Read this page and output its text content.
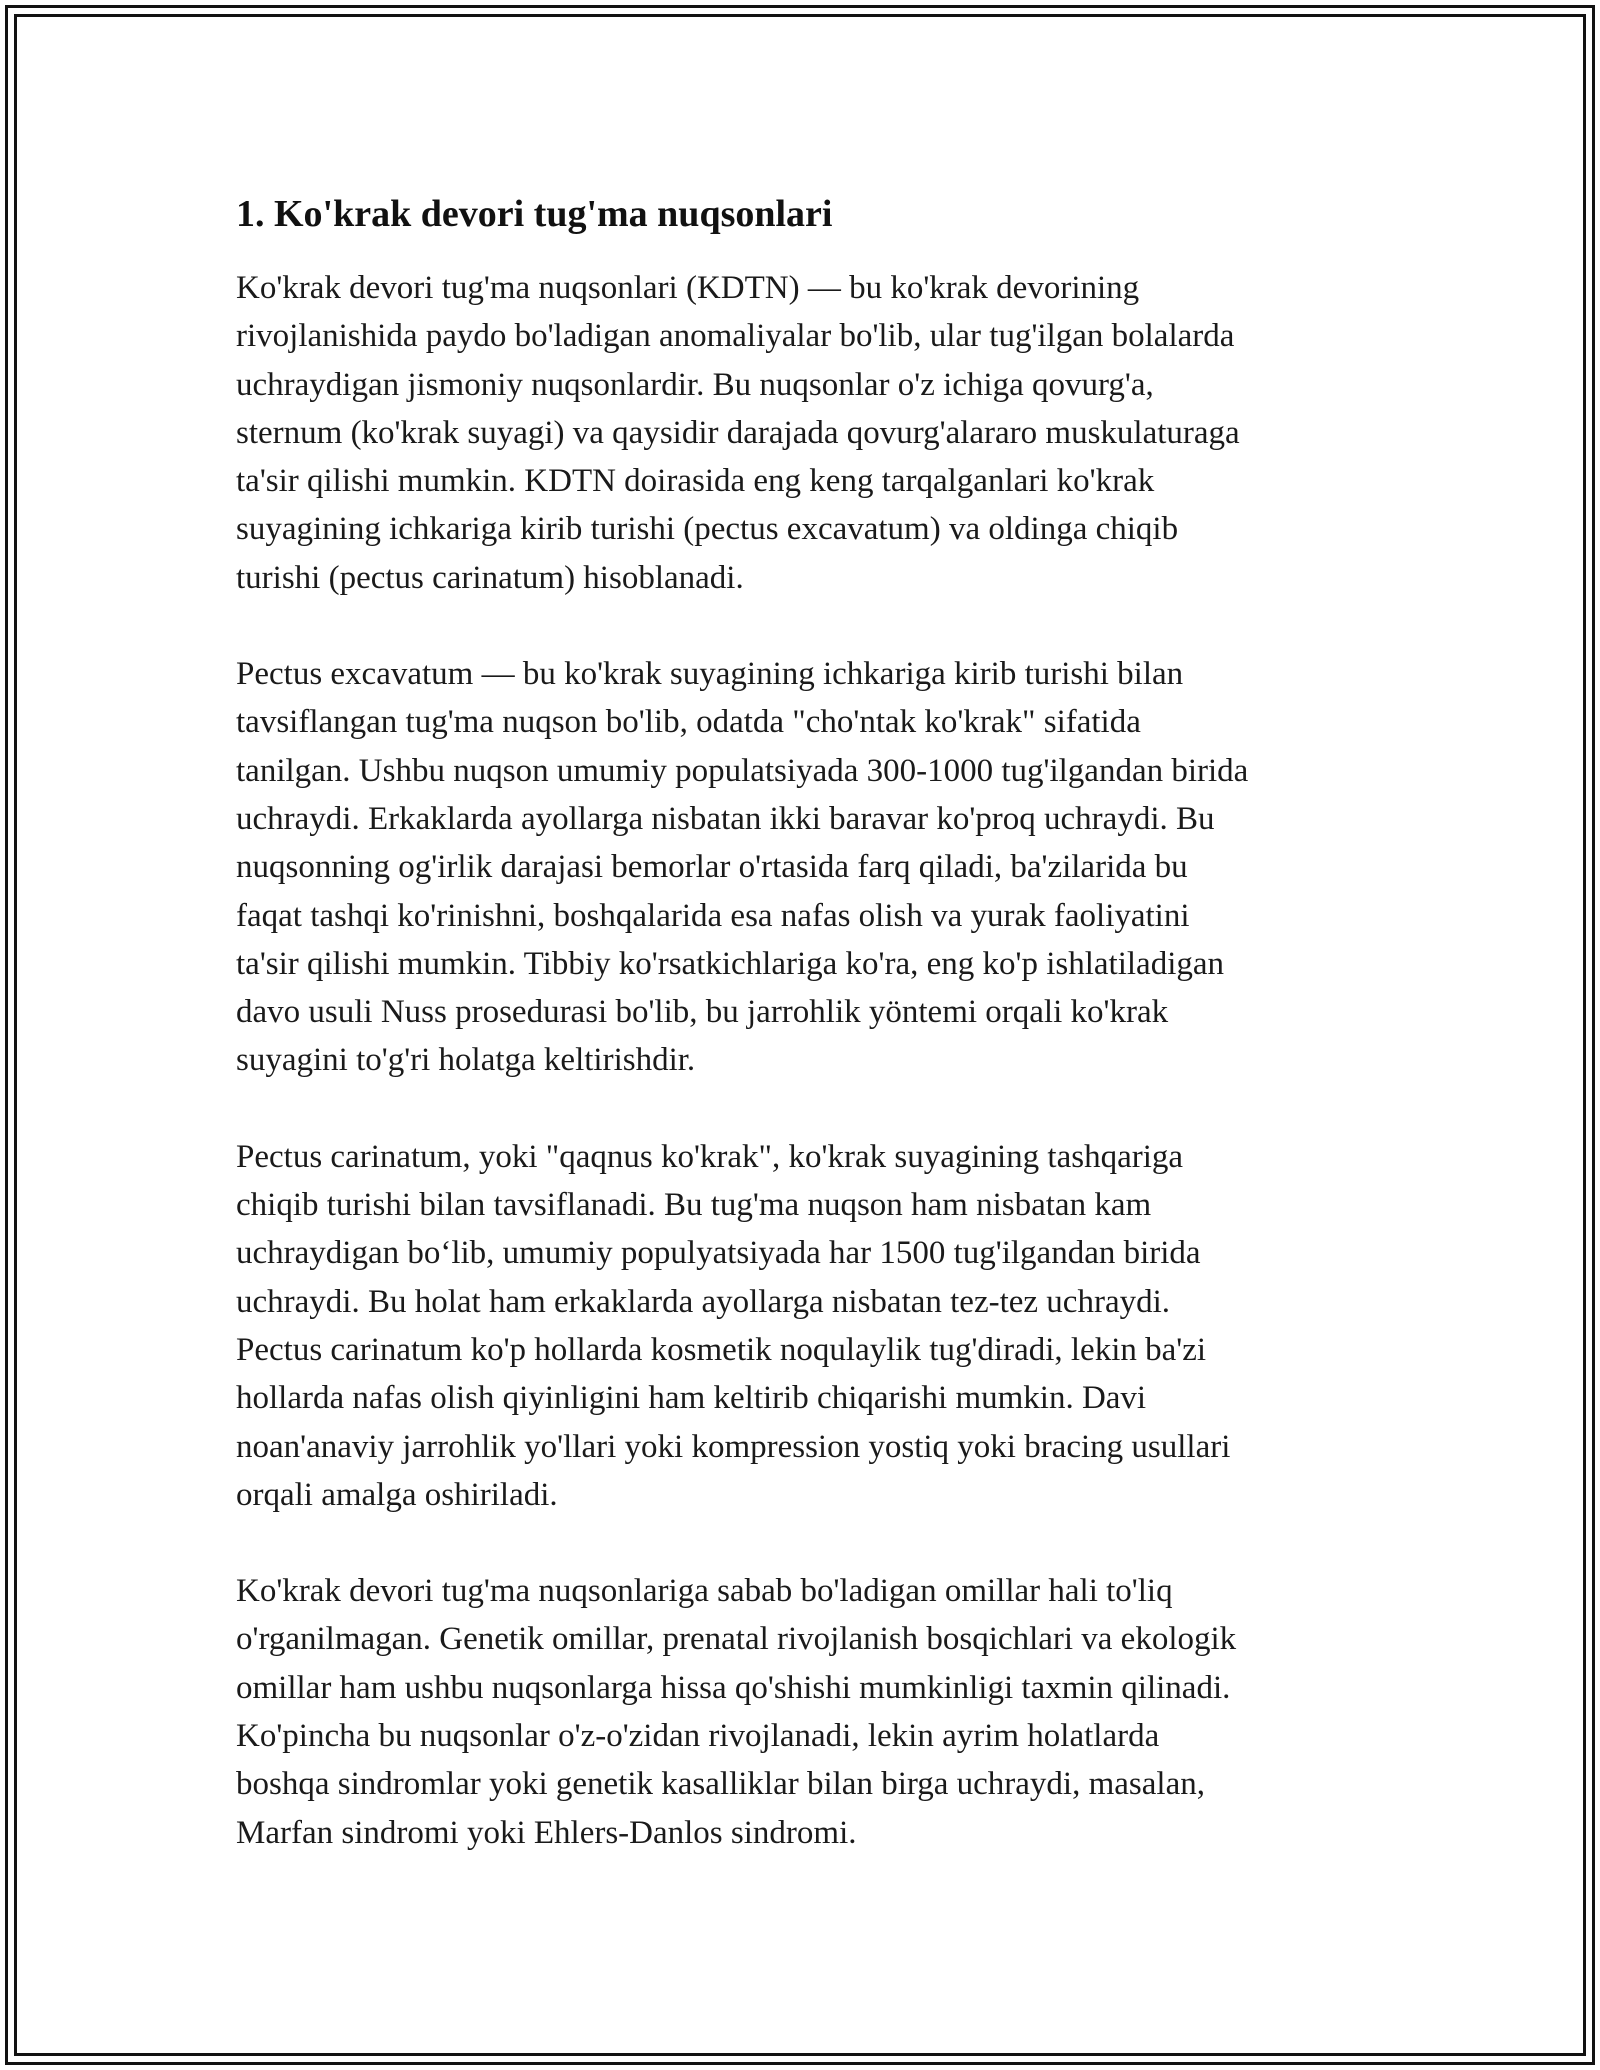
1. Ko'krak devori tug'ma nuqsonlari

Ko'krak devori tug'ma nuqsonlari (KDTN) — bu ko'krak devorining
rivojlanishida paydo bo'ladigan anomaliyalar bo'lib, ular tug'ilgan bolalarda
uchraydigan jismoniy nuqsonlardir. Bu nuqsonlar o'z ichiga qovurg'a,
sternum (ko'krak suyagi) va qaysidir darajada qovurg'alararo muskulaturaga
ta'sir qilishi mumkin. KDTN doirasida eng keng tarqalganlari ko'krak
suyagining ichkariga kirib turishi (pectus excavatum) va oldinga chiqib
turishi (pectus carinatum) hisoblanadi.

Pectus excavatum — bu ko'krak suyagining ichkariga kirib turishi bilan
tavsiflangan tug'ma nuqson bo'lib, odatda "cho'ntak ko'krak" sifatida
tanilgan. Ushbu nuqson umumiy populatsiyada 300-1000 tug'ilgandan birida
uchraydi. Erkaklarda ayollarga nisbatan ikki baravar ko'proq uchraydi. Bu
nuqsonning og'irlik darajasi bemorlar o'rtasida farq qiladi, ba'zilarida bu
faqat tashqi ko'rinishni, boshqalarida esa nafas olish va yurak faoliyatini
ta'sir qilishi mumkin. Tibbiy ko'rsatkichlariga ko'ra, eng ko'p ishlatiladigan
davo usuli Nuss prosedurasi bo'lib, bu jarrohlik yöntemi orqali ko'krak
suyagini to'g'ri holatga keltirishdir.

Pectus carinatum, yoki "qaqnus ko'krak", ko'krak suyagining tashqariga
chiqib turishi bilan tavsiflanadi. Bu tug'ma nuqson ham nisbatan kam
uchraydigan bo‘lib, umumiy populyatsiyada har 1500 tug'ilgandan birida
uchraydi. Bu holat ham erkaklarda ayollarga nisbatan tez-tez uchraydi.
Pectus carinatum ko'p hollarda kosmetik noqulaylik tug'diradi, lekin ba'zi
hollarda nafas olish qiyinligini ham keltirib chiqarishi mumkin. Davi
noan'anaviy jarrohlik yo'llari yoki kompression yostiq yoki bracing usullari
orqali amalga oshiriladi.

Ko'krak devori tug'ma nuqsonlariga sabab bo'ladigan omillar hali to'liq
o'rganilmagan. Genetik omillar, prenatal rivojlanish bosqichlari va ekologik
omillar ham ushbu nuqsonlarga hissa qo'shishi mumkinligi taxmin qilinadi.
Ko'pincha bu nuqsonlar o'z-o'zidan rivojlanadi, lekin ayrim holatlarda
boshqa sindromlar yoki genetik kasalliklar bilan birga uchraydi, masalan,
Marfan sindromi yoki Ehlers-Danlos sindromi.
